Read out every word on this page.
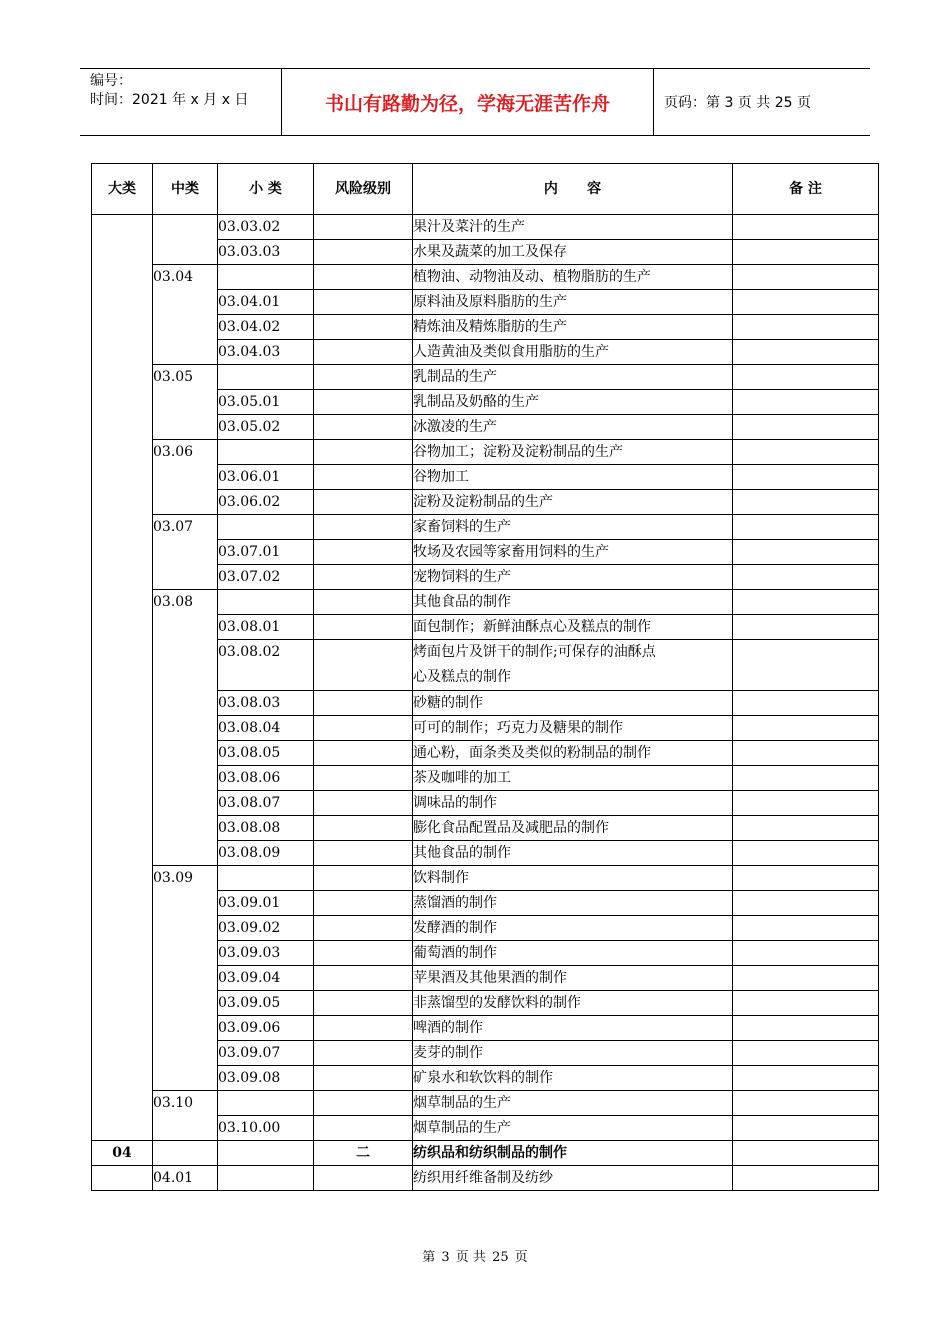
编号：
时间：2021 年 x 月 x 日	书山有路勤为径，学海无涯苦作舟	页码：第 3 页 共 25 页
大类	中类	小 类	风险级别	内      容	备 注
		03.03.02		果汁及菜汁的生产	
		03.03.03		水果及蔬菜的加工及保存	
	03.04			植物油、动物油及动、植物脂肪的生产	
		03.04.01		原料油及原料脂肪的生产	
		03.04.02		精炼油及精炼脂肪的生产	
		03.04.03		人造黄油及类似食用脂肪的生产	
	03.05			乳制品的生产	
		03.05.01		乳制品及奶酪的生产	
		03.05.02		冰激凌的生产	
	03.06			谷物加工；淀粉及淀粉制品的生产	
		03.06.01		谷物加工	
		03.06.02		淀粉及淀粉制品的生产	
	03.07			家畜饲料的生产	
		03.07.01		牧场及农园等家畜用饲料的生产	
		03.07.02		宠物饲料的生产	
	03.08			其他食品的制作	
		03.08.01		面包制作；新鲜油酥点心及糕点的制作	
		03.08.02		烤面包片及饼干的制作;可保存的油酥点
心及糕点的制作	

		03.08.03		砂糖的制作	
		03.08.04		可可的制作；巧克力及糖果的制作	
		03.08.05		通心粉，面条类及类似的粉制品的制作	
		03.08.06		茶及咖啡的加工	
		03.08.07		调味品的制作	
		03.08.08		膨化食品配置品及减肥品的制作	
		03.08.09		其他食品的制作	
	03.09			饮料制作	
		03.09.01		蒸馏酒的制作	
		03.09.02		发酵酒的制作	
		03.09.03		葡萄酒的制作	
		03.09.04		苹果酒及其他果酒的制作	
		03.09.05		非蒸馏型的发酵饮料的制作	
		03.09.06		啤酒的制作	
		03.09.07		麦芽的制作	
		03.09.08		矿泉水和软饮料的制作	
	03.10			烟草制品的生产	
		03.10.00		烟草制品的生产	
04			二	纺织品和纺织制品的制作	
	04.01			纺织用纤维备制及纺纱	
第 3 页 共 25 页
